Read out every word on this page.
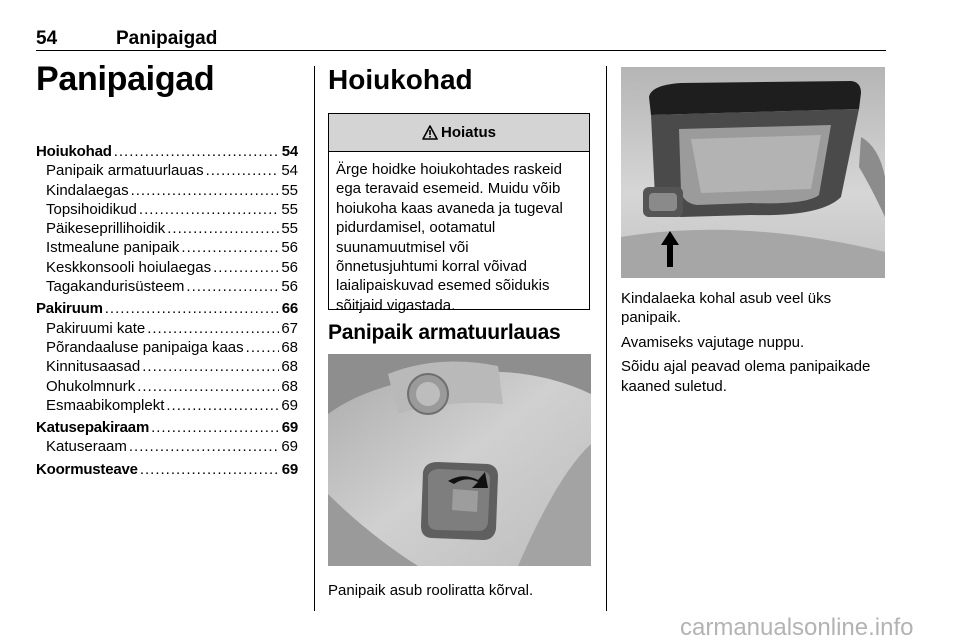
54	Panipaigad
Panipaigad
Hoiukohad .....	54
Panipaik armatuurlauas .....	54
Kindalaegas .....	55
Topsihoidikud .....	55
Päikeseprillihoidik .....	55
Istmealune panipaik .....	56
Keskkonsooli hoiulaegas .....	56
Tagakandurisüsteem .....	56
Pakiruum .....	66
Pakiruumi kate .....	67
Põrandaaluse panipaiga kaas .....	68
Kinnitusaasad .....	68
Ohukolmnurk .....	68
Esmaabikomplekt .....	69
Katusepakiraam .....	69
Katuseraam .....	69
Koormusteave .....	69
Hoiukohad
Hoiatus
Ärge hoidke hoiukohtades raskeid
ega teravaid esemeid. Muidu võib
hoiukoha kaas avaneda ja tugeval
pidurdamisel, ootamatul
suunamuutmisel või
õnnetusjuhtumi korral võivad
laialipaiskuvad esemed sõidukis
sõitjaid vigastada.
Panipaik armatuurlauas
Panipaik asub rooliratta kõrval.

Kindalaeka kohal asub veel üks
panipaik.

Avamiseks vajutage nuppu.

Sõidu ajal peavad olema panipaikade
kaaned suletud.

carmanualsonline.info
